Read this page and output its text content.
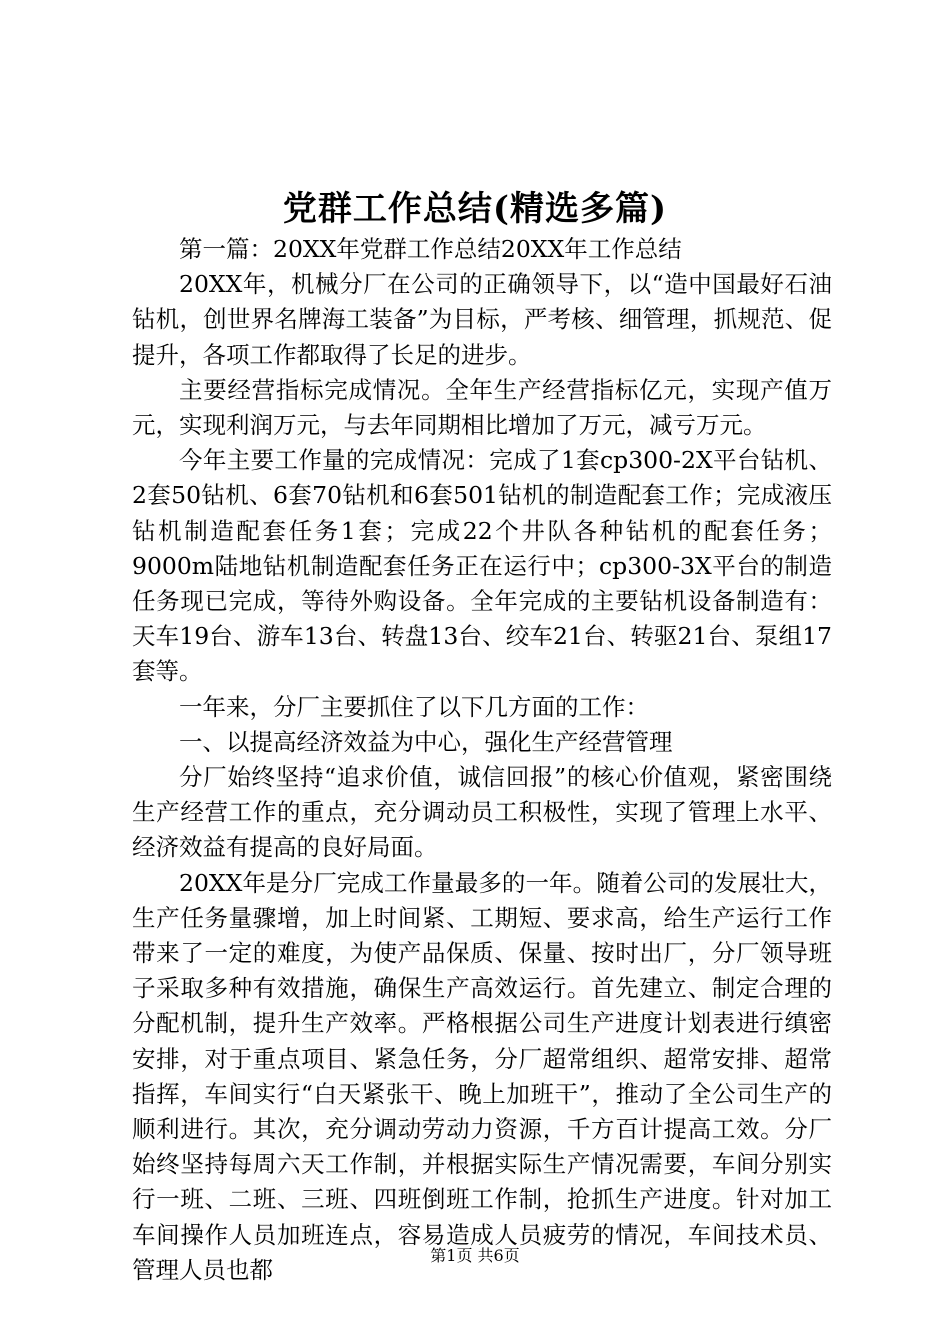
党群工作总结(精选多篇)

第一篇：20XX年党群工作总结20XX年工作总结

20XX年，机械分厂在公司的正确领导下，以“造中国最好石油钻机，创世界名牌海工装备”为目标，严考核、细管理，抓规范、促提升，各项工作都取得了长足的进步。

主要经营指标完成情况。全年生产经营指标亿元，实现产值万元，实现利润万元，与去年同期相比增加了万元，减亏万元。

今年主要工作量的完成情况：完成了1套cp300-2X平台钻机、2套50钻机、6套70钻机和6套501钻机的制造配套工作；完成液压钻机制造配套任务1套；完成22个井队各种钻机的配套任务；9000m陆地钻机制造配套任务正在运行中；cp300-3X平台的制造任务现已完成，等待外购设备。全年完成的主要钻机设备制造有：天车19台、游车13台、转盘13台、绞车21台、转驱21台、泵组17套等。

一年来，分厂主要抓住了以下几方面的工作：

一、以提高经济效益为中心，强化生产经营管理

分厂始终坚持“追求价值，诚信回报”的核心价值观，紧密围绕生产经营工作的重点，充分调动员工积极性，实现了管理上水平、经济效益有提高的良好局面。

20XX年是分厂完成工作量最多的一年。随着公司的发展壮大，生产任务量骤增，加上时间紧、工期短、要求高，给生产运行工作带来了一定的难度，为使产品保质、保量、按时出厂，分厂领导班子采取多种有效措施，确保生产高效运行。首先建立、制定合理的分配机制，提升生产效率。严格根据公司生产进度计划表进行缜密安排，对于重点项目、紧急任务，分厂超常组织、超常安排、超常指挥，车间实行“白天紧张干、晚上加班干”，推动了全公司生产的顺利进行。其次，充分调动劳动力资源，千方百计提高工效。分厂始终坚持每周六天工作制，并根据实际生产情况需要，车间分别实行一班、二班、三班、四班倒班工作制，抢抓生产进度。针对加工车间操作人员加班连点，容易造成人员疲劳的情况，车间技术员、管理人员也都

第1页 共6页
